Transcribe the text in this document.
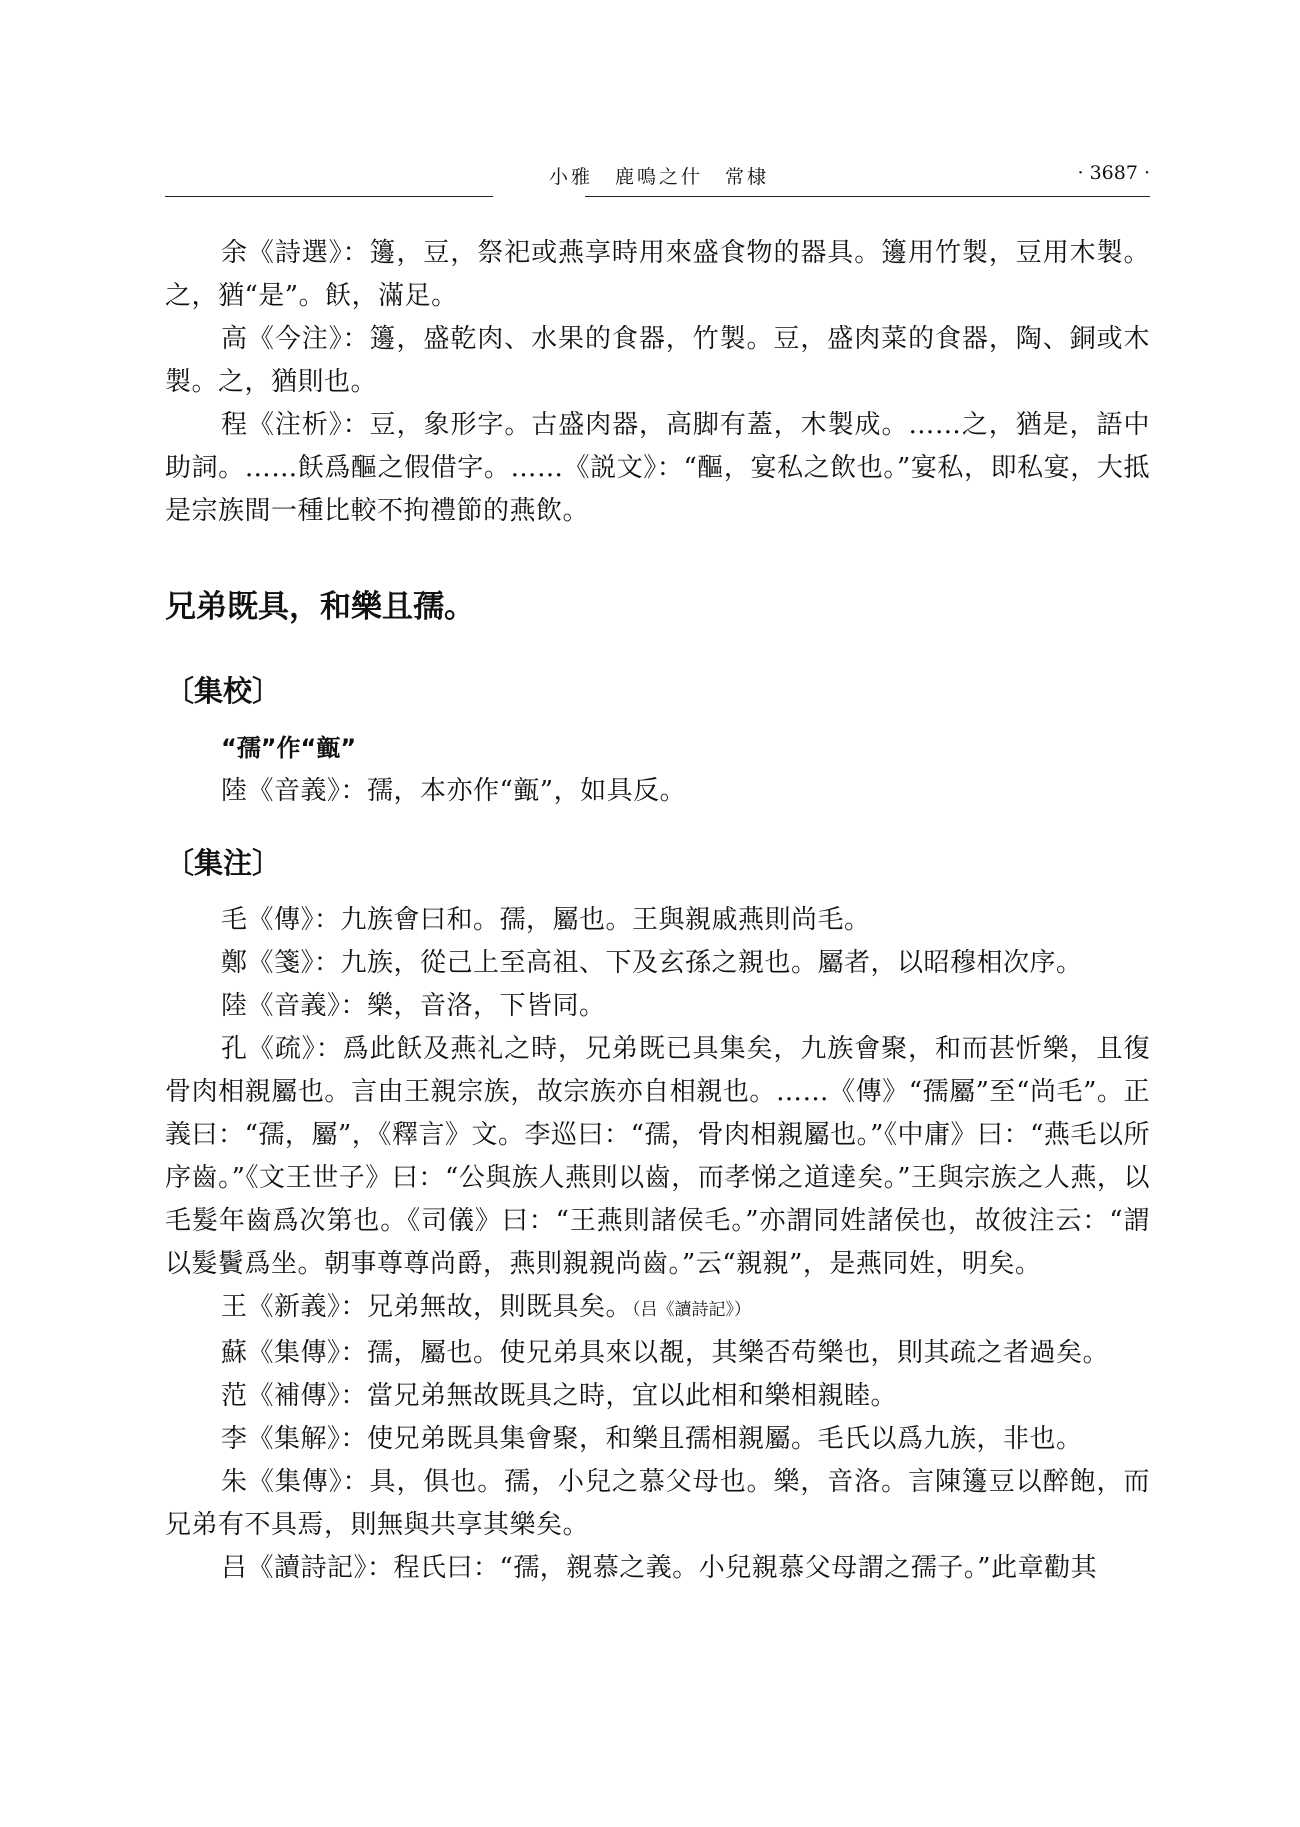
小雅　鹿鳴之什　常棣	· 3687 ·

余《詩選》：籩，豆，祭祀或燕享時用來盛食物的器具。籩用竹製，豆用木製。之，猶“是”。飫，滿足。

高《今注》：籩，盛乾肉、水果的食器，竹製。豆，盛肉菜的食器，陶、銅或木製。之，猶則也。

程《注析》：豆，象形字。古盛肉器，高脚有蓋，木製成。……之，猶是，語中助詞。……飫爲醧之假借字。……《説文》：“醧，宴私之飲也。”宴私，即私宴，大抵是宗族間一種比較不拘禮節的燕飲。

兄弟既具，和樂且孺。
〔集校〕

“孺”作“㼿”

陸《音義》：孺，本亦作“㼿”，如具反。

〔集注〕

毛《傳》：九族會曰和。孺，屬也。王與親戚燕則尚毛。

鄭《箋》：九族，從己上至高祖、下及玄孫之親也。屬者，以昭穆相次序。

陸《音義》：樂，音洛，下皆同。

孔《疏》：爲此飫及燕礼之時，兄弟既已具集矣，九族會聚，和而甚忻樂，且復骨肉相親屬也。言由王親宗族，故宗族亦自相親也。……《傳》“孺屬”至“尚毛”。正義曰：“孺，屬”，《釋言》文。李巡曰：“孺，骨肉相親屬也。”《中庸》曰：“燕毛以所序齒。”《文王世子》曰：“公與族人燕則以齒，而孝悌之道達矣。”王與宗族之人燕，以毛髮年齒爲次第也。《司儀》曰：“王燕則諸侯毛。”亦謂同姓諸侯也，故彼注云：“謂以髮鬢爲坐。朝事尊尊尚爵，燕則親親尚齒。”云“親親”，是燕同姓，明矣。

王《新義》：兄弟無故，則既具矣。（吕《讀詩記》）

蘇《集傳》：孺，屬也。使兄弟具來以覩，其樂否苟樂也，則其疏之者過矣。

范《補傳》：當兄弟無故既具之時，宜以此相和樂相親睦。

李《集解》：使兄弟既具集會聚，和樂且孺相親屬。毛氏以爲九族，非也。

朱《集傳》：具，俱也。孺，小兒之慕父母也。樂，音洛。言陳籩豆以醉飽，而兄弟有不具焉，則無與共享其樂矣。

吕《讀詩記》：程氏曰：“孺，親慕之義。小兒親慕父母謂之孺子。”此章勸其
